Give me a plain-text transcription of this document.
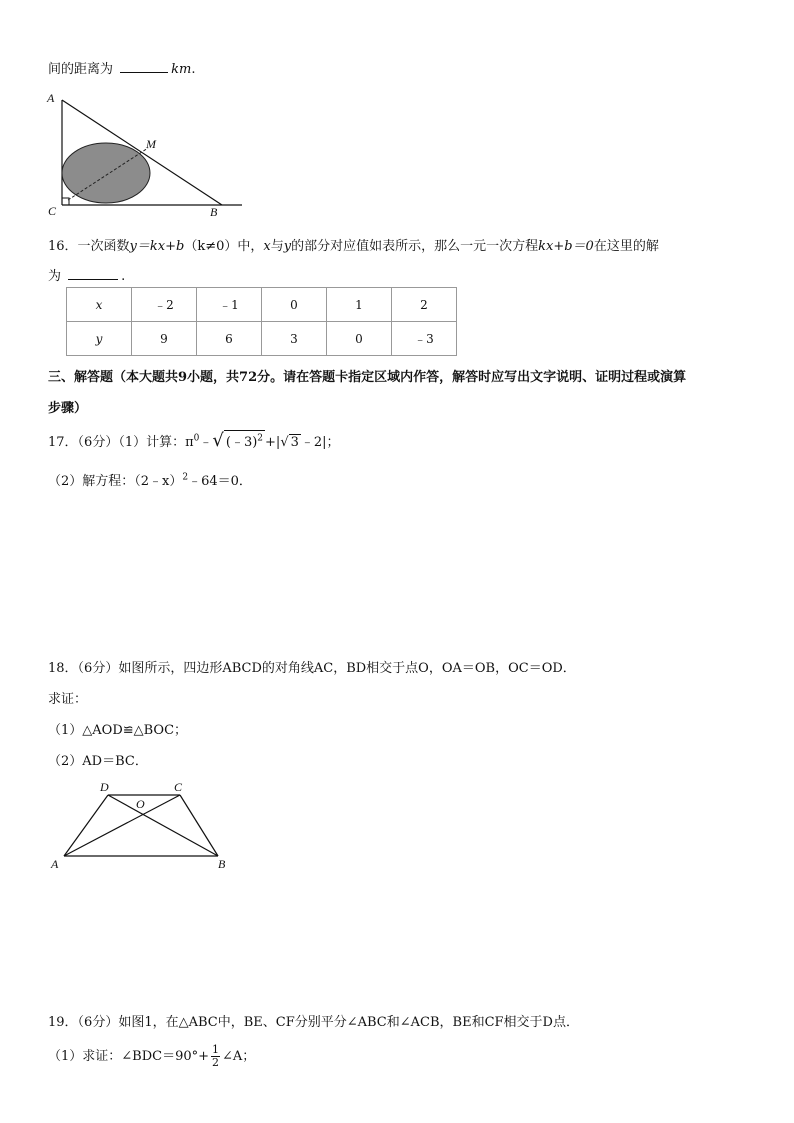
间的距离为	km.
A
M
C	B
16．一次函数y＝kx+b（k≠0）中，x与y的部分对应值如表所示，那么一元一次方程kx+b＝0在这里的解
为	.
x	﹣2	﹣1	0	1	2
y	9	6	3	0	﹣3
三、解答题（本大题共9小题，共72分。请在答题卡指定区域内作答，解答时应写出文字说明、证明过程或演算
步骤）
17．（6分）（1）计算：$\pi^0﹣√$ (﹣3)$^2$ +|√ 3 ﹣2|；
（2）解方程：（2﹣x）$^2$﹣64＝0．
18．（6分）如图所示，四边形ABCD的对角线AC，BD相交于点O，OA＝OB，OC＝OD．
求证：
（1）△AOD≌△BOC；
（2）AD＝BC．
D	C
O
A	B
19．（6分）如图1，在△ABC中，BE、CF分别平分∠ABC和∠ACB，BE和CF相交于D点．
（1）求证：∠BDC＝90°+ $\frac{1}{2}$ ∠A；
